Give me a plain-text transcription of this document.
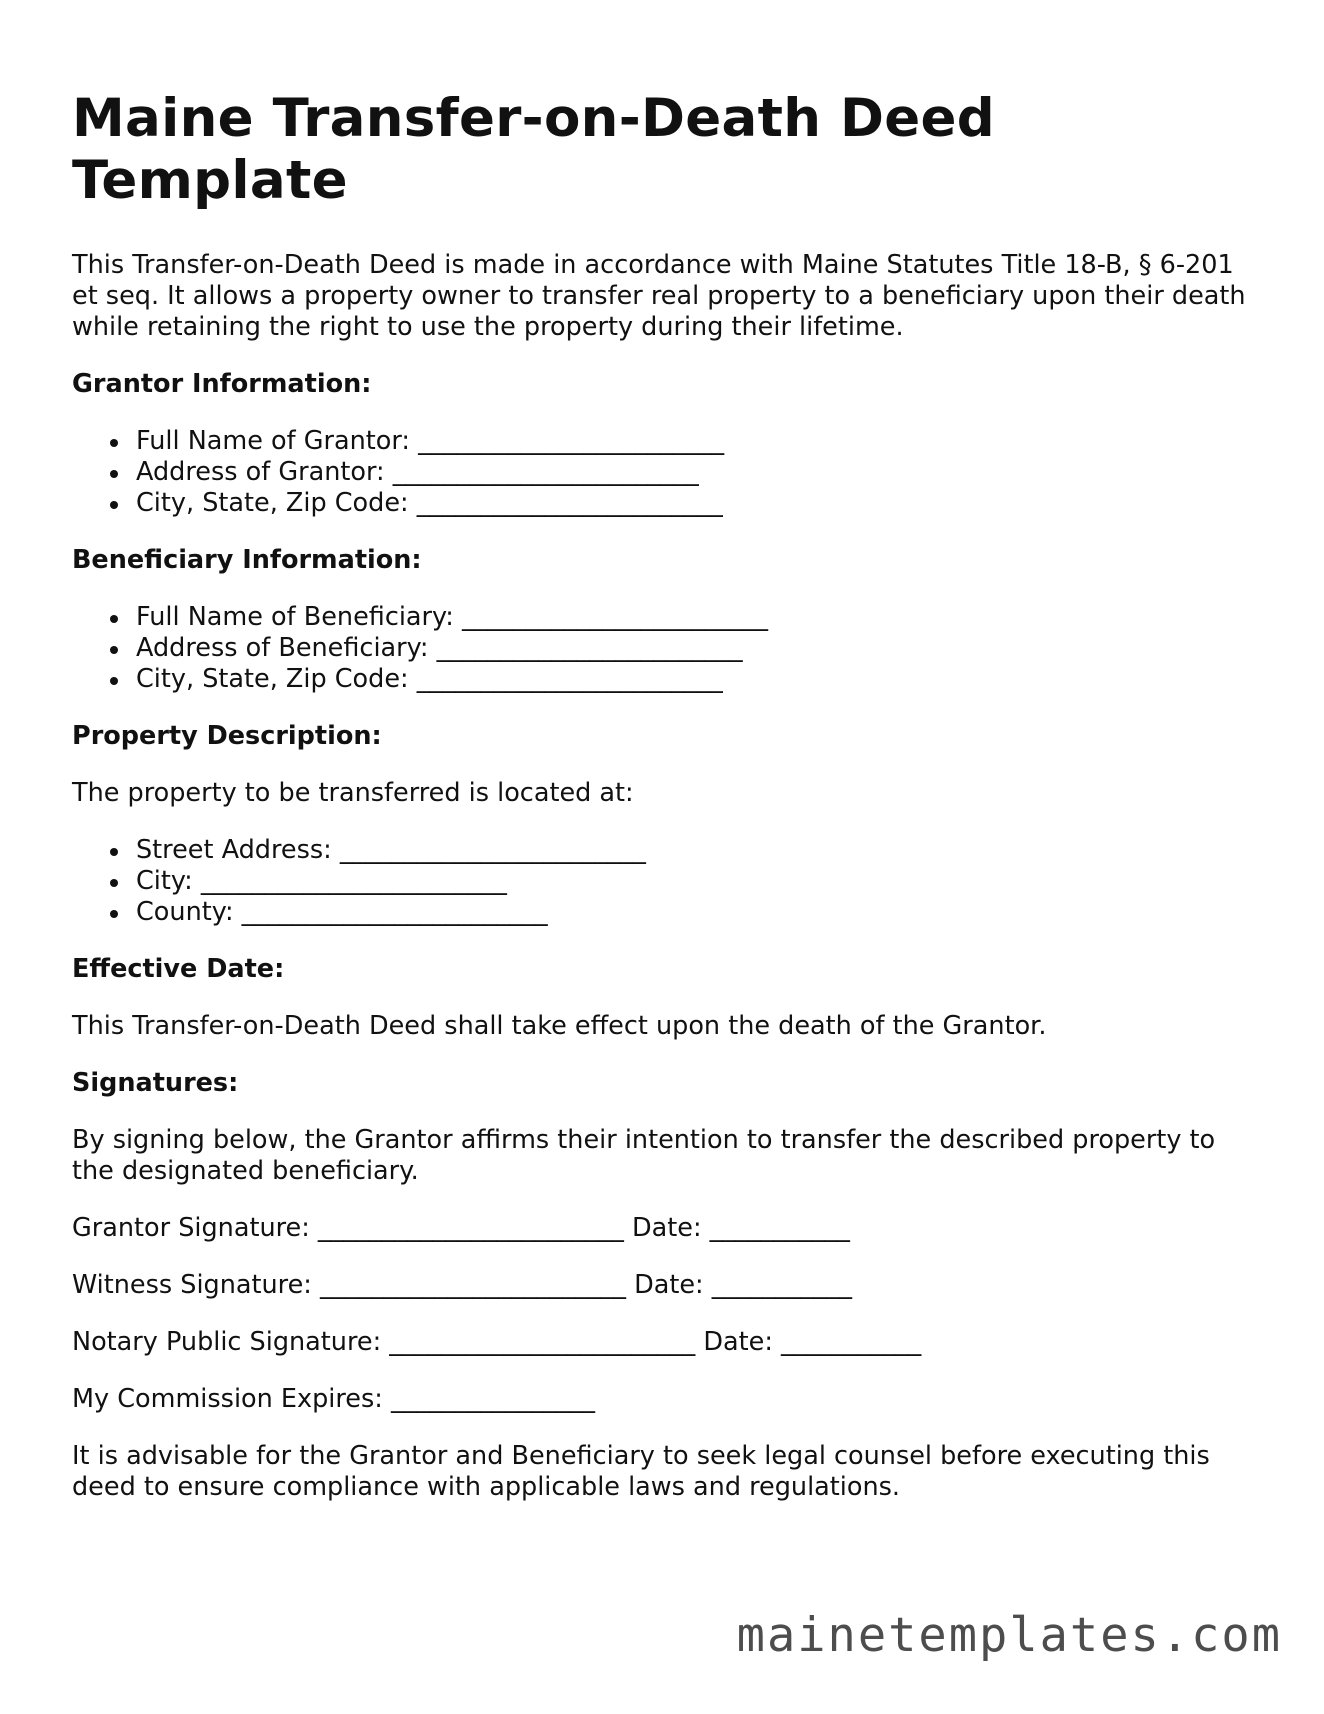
Maine Transfer-on-Death Deed Template

This Transfer-on-Death Deed is made in accordance with Maine Statutes Title 18-B, § 6-201 et seq. It allows a property owner to transfer real property to a beneficiary upon their death while retaining the right to use the property during their lifetime.

Grantor Information:
Full Name of Grantor: ________________________
Address of Grantor: ________________________
City, State, Zip Code: ________________________
Beneficiary Information:
Full Name of Beneficiary: ________________________
Address of Beneficiary: ________________________
City, State, Zip Code: ________________________
Property Description:

The property to be transferred is located at:

Street Address: ________________________
City: ________________________
County: ________________________
Effective Date:

This Transfer-on-Death Deed shall take effect upon the death of the Grantor.

Signatures:

By signing below, the Grantor affirms their intention to transfer the described property to the designated beneficiary.

Grantor Signature: ________________________ Date: ___________

Witness Signature: ________________________ Date: ___________

Notary Public Signature: ________________________ Date: ___________

My Commission Expires: ________________

It is advisable for the Grantor and Beneficiary to seek legal counsel before executing this deed to ensure compliance with applicable laws and regulations.

mainetemplates.com
